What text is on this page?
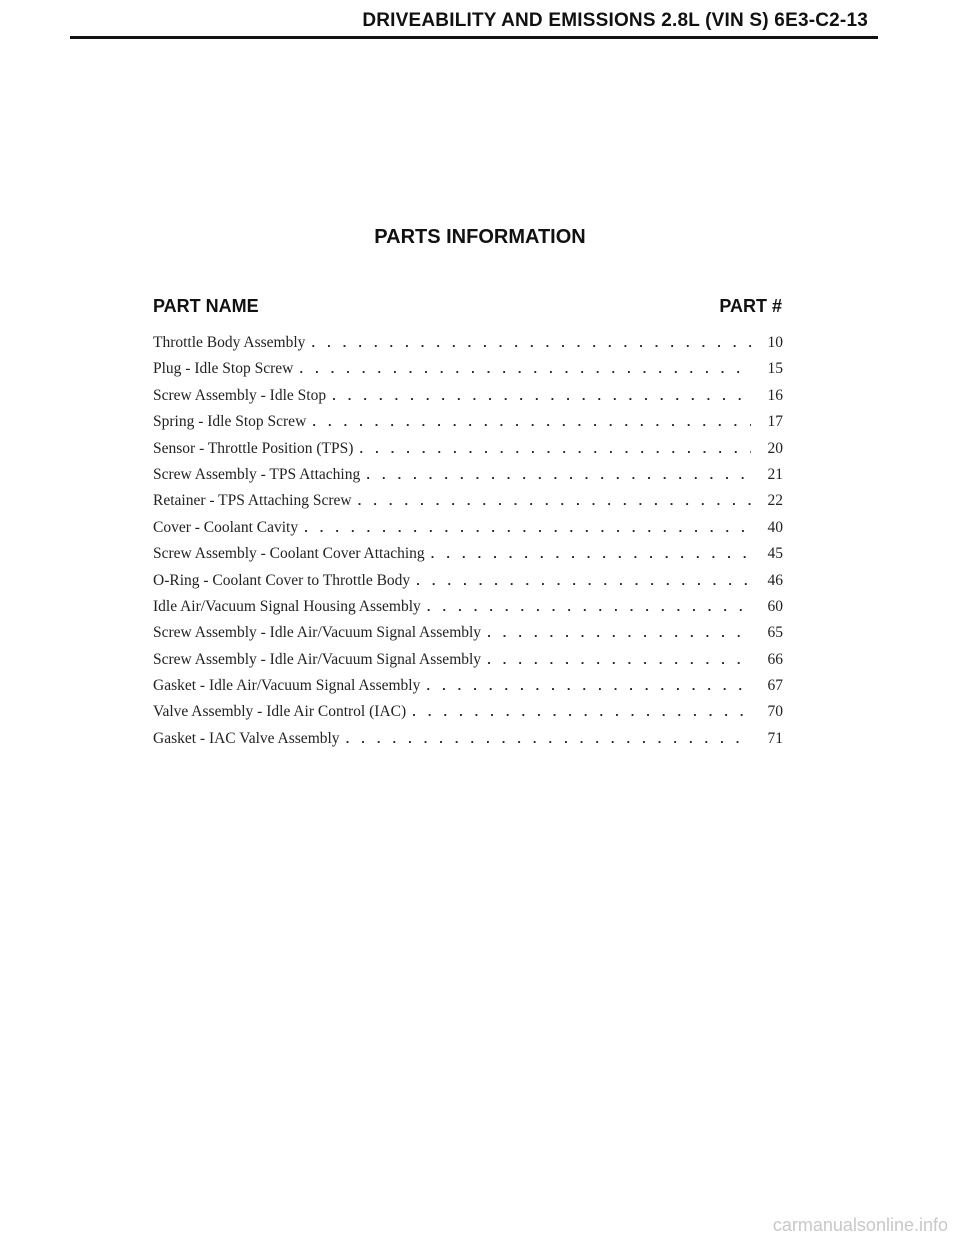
DRIVEABILITY AND EMISSIONS 2.8L (VIN S) 6E3-C2-13
PARTS INFORMATION
PART NAME	PART #
Throttle Body Assembly . . .	10
Plug - Idle Stop Screw . . .	15
Screw Assembly - Idle Stop . . .	16
Spring - Idle Stop Screw . . .	17
Sensor - Throttle Position (TPS) . . .	20
Screw Assembly - TPS Attaching . . .	21
Retainer - TPS Attaching Screw . . .	22
Cover - Coolant Cavity . . .	40
Screw Assembly - Coolant Cover Attaching . . .	45
O-Ring - Coolant Cover to Throttle Body . . .	46
Idle Air/Vacuum Signal Housing Assembly . . .	60
Screw Assembly - Idle Air/Vacuum Signal Assembly . . .	65
Screw Assembly - Idle Air/Vacuum Signal Assembly . . .	66
Gasket - Idle Air/Vacuum Signal Assembly . . .	67
Valve Assembly - Idle Air Control (IAC) . . .	70
Gasket - IAC Valve Assembly . . .	71
carmanualsonline.info
